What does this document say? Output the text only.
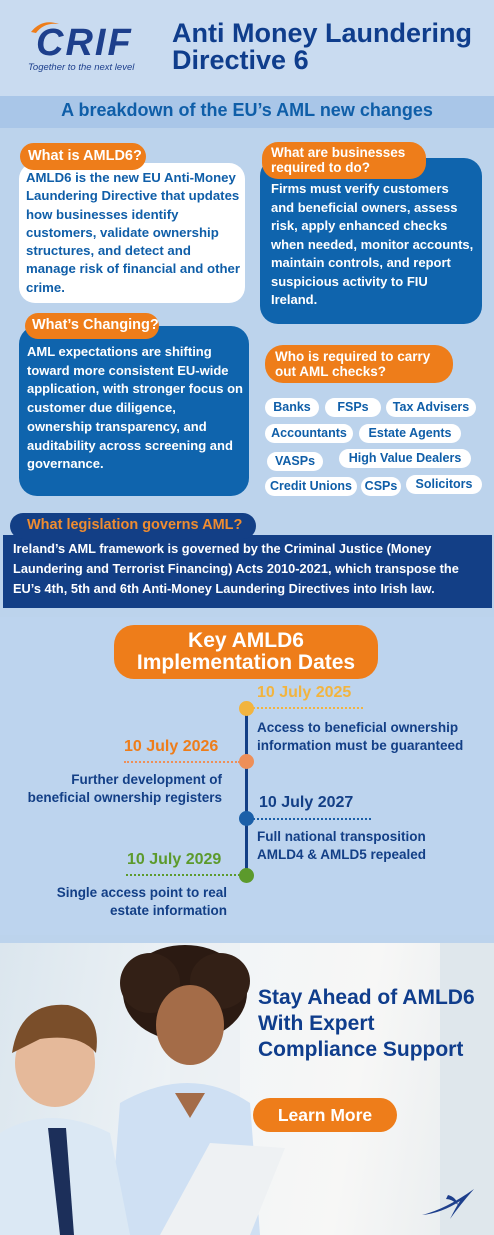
CRIF
Together to the next level
Anti Money Laundering Directive 6
A breakdown of the EU’s AML new changes
AMLD6 is the new EU Anti-Money Laundering Directive that updates how businesses identify customers, validate ownership structures, and detect and manage risk of financial and other crime.
What is AMLD6?
Firms must verify customers and beneficial owners, assess risk, apply enhanced checks when needed, monitor accounts, maintain controls, and report suspicious activity to FIU Ireland.
What are businesses required to do?
AML expectations are shifting toward more consistent EU-wide application, with stronger focus on customer due diligence, ownership transparency, and auditability across screening and governance.
What’s Changing?
Who is required to carry out AML checks?
Banks	FSPs	Tax Advisers
Accountants	Estate Agents
VASPs	High Value Dealers
Credit Unions	CSPs	Solicitors
Ireland’s AML framework is governed by the Criminal Justice (Money Laundering and Terrorist Financing) Acts 2010-2021, which transpose the EU’s 4th, 5th and 6th Anti-Money Laundering Directives into Irish law.
What legislation governs AML?
Key AMLD6 Implementation Dates
10 July 2025
Access to beneficial ownership information must be guaranteed
10 July 2026
Further development of beneficial ownership registers 10 July 2027
Full national transposition AMLD4 & AMLD5 repealed
10 July 2029
Single access point to real estate information
Stay Ahead of AMLD6 With Expert Compliance Support
Learn More
